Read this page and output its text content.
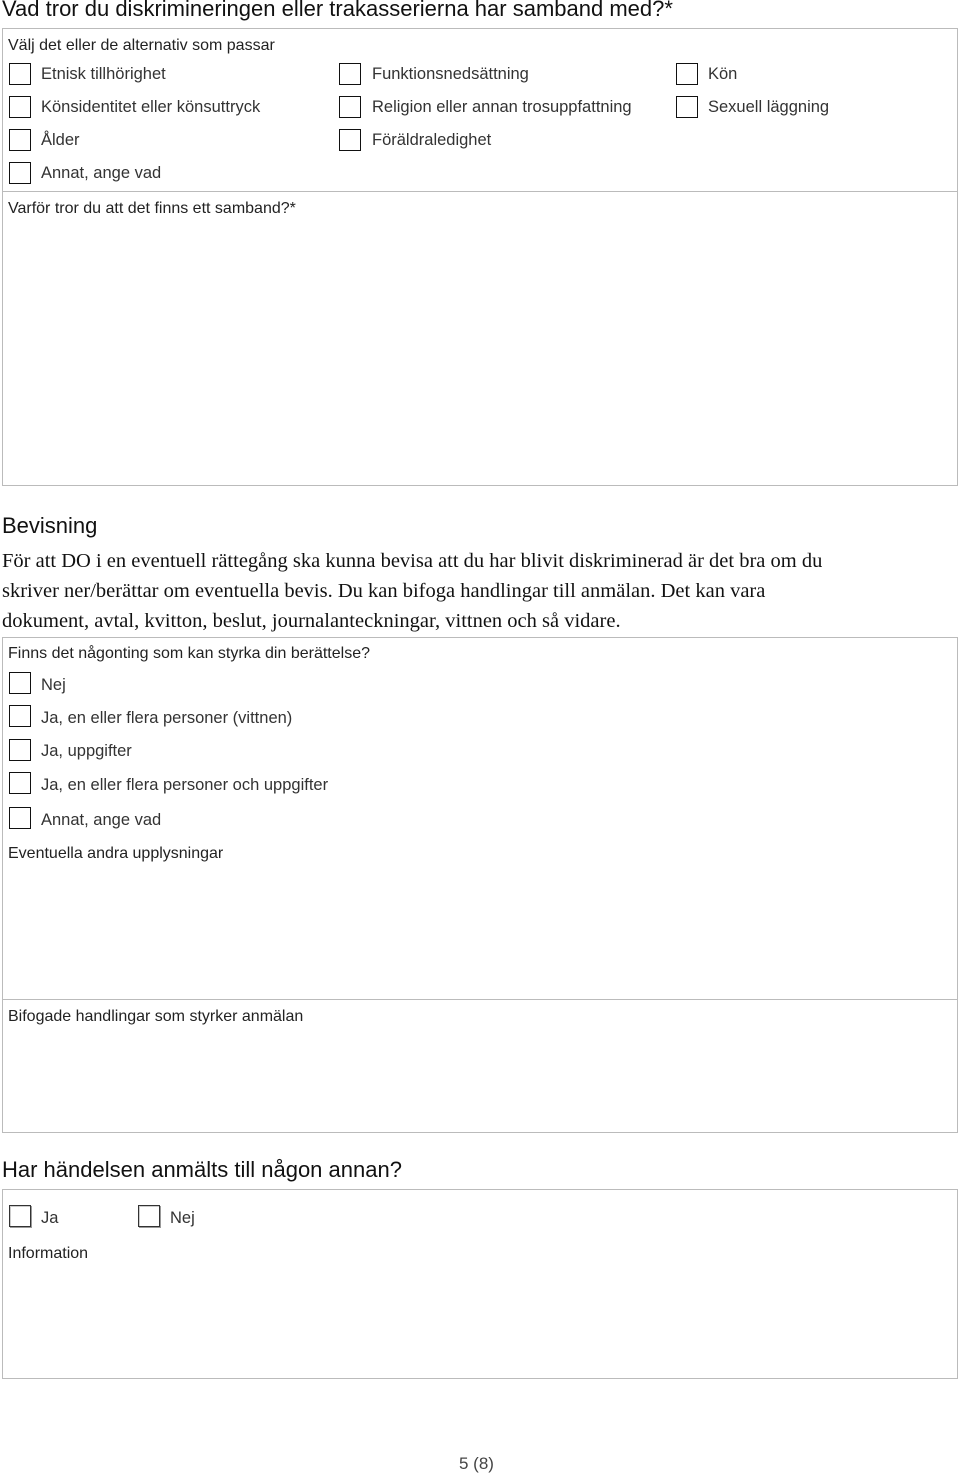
Vad tror du diskrimineringen eller trakasserierna har samband med?*
Välj det eller de alternativ som passar
Etnisk tillhörighet	Funktionsnedsättning	Kön
Könsidentitet eller könsuttryck	Religion eller annan trosuppfattning	Sexuell läggning
Ålder	Föräldraledighet
Annat, ange vad
Varför tror du att det finns ett samband?*
Bevisning
För att DO i en eventuell rättegång ska kunna bevisa att du har blivit diskriminerad är det bra om du
skriver ner/berättar om eventuella bevis. Du kan bifoga handlingar till anmälan. Det kan vara
dokument, avtal, kvitton, beslut, journalanteckningar, vittnen och så vidare.
Finns det någonting som kan styrka din berättelse?
Nej
Ja, en eller flera personer (vittnen)
Ja, uppgifter
Ja, en eller flera personer och uppgifter
Annat, ange vad
Eventuella andra upplysningar
Bifogade handlingar som styrker anmälan
Har händelsen anmälts till någon annan?
Ja	Nej
Information
5 (8)
